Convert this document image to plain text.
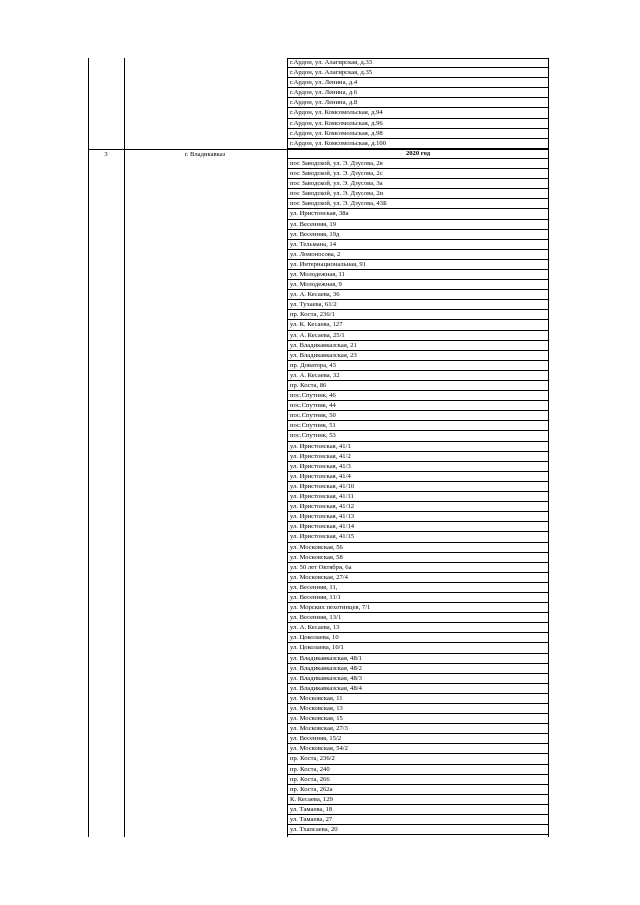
3	г. Владикавказ
г.Ардон, ул. Алагирская, д.33
г.Ардон, ул. Алагирская, д.35
г.Ардон, ул. Ленина, д.4
г.Ардон, ул. Ленина, д.6
г.Ардон, ул. Ленина, д.8
г.Ардон, ул. Комсомольская, д.94
г.Ардон, ул. Комсомольская, д.96
г.Ардон, ул. Комсомольская, д.98
г.Ардон, ул. Комсомольская, д.100
2020 год
пос Заводской, ул. Э. Дзусова, 2в
пос Заводской, ул. Э. Дзусова, 2с
пос Заводской, ул. Э. Дзусова, 3а
пос Заводской, ул. Э. Дзусова, 2и
пос Заводской, ул. Э. Дзусова, 43Б
ул. Иристонская, 38а
ул. Весенняя, 19
ул. Весенняя, 19д
ул. Тельмана, 14
ул. Ломоносова, 2
ул. Интернациональная, 91
ул. Молодежная, 11
ул. Молодежная, 9
ул. А. Кесаева, 36
ул. Тухаева, 61/2
пр. Коста, 236/1
ул. К. Кесаева, 127
ул. А. Кесаева, 25/1
ул. Владикавказская, 21
ул. Владикавказская, 23
пр. Доватора, 43
ул. А. Кесаева, 32
пр. Коста, 86
пос.Спутник, 46
пос.Спутник, 44
пос.Спутник, 50
пос.Спутник, 51
пос.Спутник, 53
ул. Иристонская, 41/1
ул. Иристонская, 41/2
ул. Иристонская, 41/3
ул. Иристонская, 41/4
ул. Иристонская, 41/10
ул. Иристонская, 41/11
ул. Иристонская, 41/12
ул. Иристонская, 41/13
ул. Иристонская, 41/14
ул. Иристонская, 41/15
ул. Московская, 56
ул. Московская, 58
ул. 50 лет Октября, 6а
ул. Московская, 27/4
ул. Весенняя, 11,
ул. Весенняя, 11/1
ул. Морских пехотинцев, 7/1
ул. Весенняя, 13/1
ул. А. Кесаева, 13
ул. Цоколаева, 10
ул. Цоколаева, 10/1
ул. Владикавказская, 48/1
ул. Владикавказская, 48/2
ул. Владикавказская, 48/3
ул. Владикавказская, 48/4
ул. Московская, 11
ул. Московская, 13
ул. Московская, 15
ул. Московская, 27/3
ул. Весенняя, 15/2
ул. Московская, 54/2
пр. Коста, 236/2
пр. Коста, 240
пр. Коста, 266
пр. Коста, 262а
К. Кесаева, 129
ул. Тамаева, 18
ул. Тамаева, 27
ул. Тхапсаева, 20
